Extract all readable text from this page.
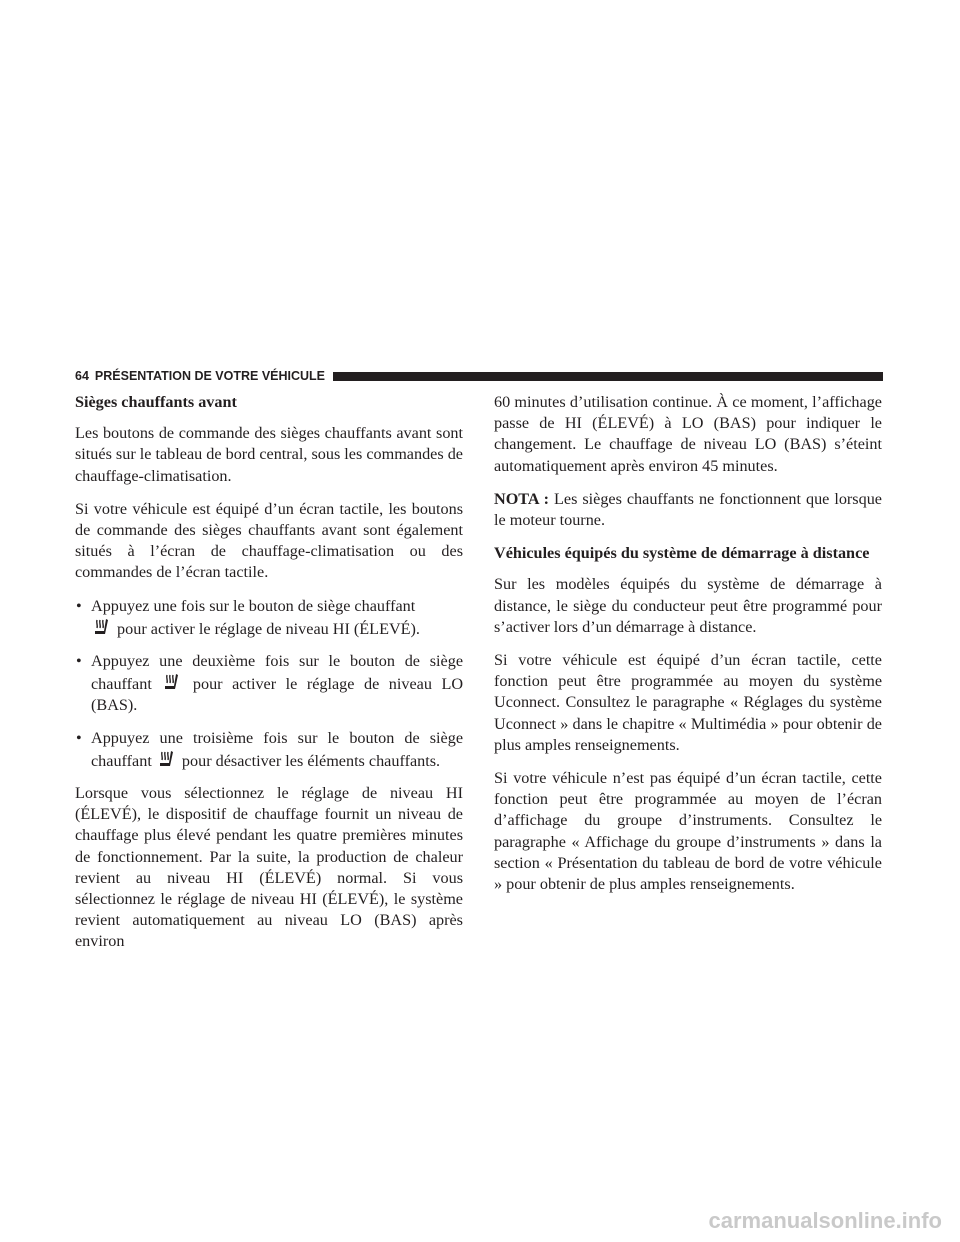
64 PRÉSENTATION DE VOTRE VÉHICULE

Sièges chauffants avant

Les boutons de commande des sièges chauffants avant sont situés sur le tableau de bord central, sous les commandes de chauffage-climatisation.

Si votre véhicule est équipé d’un écran tactile, les boutons de commande des sièges chauffants avant sont également situés à l’écran de chauffage-climatisation ou des commandes de l’écran tactile.

• Appuyez une fois sur le bouton de siège chauffant
pour activer le réglage de niveau HI (ÉLEVÉ).
• Appuyez une deuxième fois sur le bouton de siège chauffant	pour activer le réglage de niveau LO (BAS).
• Appuyez une troisième fois sur le bouton de siège chauffant pour désactiver les éléments chauffants.

Lorsque vous sélectionnez le réglage de niveau HI (ÉLEVÉ), le dispositif de chauffage fournit un niveau de chauffage plus élevé pendant les quatre premières minutes de fonctionnement. Par la suite, la production de chaleur revient au niveau HI (ÉLEVÉ) normal. Si vous sélectionnez le réglage de niveau HI (ÉLEVÉ), le système revient automatiquement au niveau LO (BAS) après environ

60 minutes d’utilisation continue. À ce moment, l’affichage passe de HI (ÉLEVÉ) à LO (BAS) pour indiquer le changement. Le chauffage de niveau LO (BAS) s’éteint automatiquement après environ 45 minutes.

NOTA : Les sièges chauffants ne fonctionnent que lorsque le moteur tourne.

Véhicules équipés du système de démarrage à distance

Sur les modèles équipés du système de démarrage à distance, le siège du conducteur peut être programmé pour s’activer lors d’un démarrage à distance.

Si votre véhicule est équipé d’un écran tactile, cette fonction peut être programmée au moyen du système Uconnect. Consultez le paragraphe « Réglages du système Uconnect » dans le chapitre « Multimédia » pour obtenir de plus amples renseignements.

Si votre véhicule n’est pas équipé d’un écran tactile, cette fonction peut être programmée au moyen de l’écran d’affichage du groupe d’instruments. Consultez le paragraphe « Affichage du groupe d’instruments » dans la section « Présentation du tableau de bord de votre véhicule » pour obtenir de plus amples renseignements.

carmanualsonline.info
